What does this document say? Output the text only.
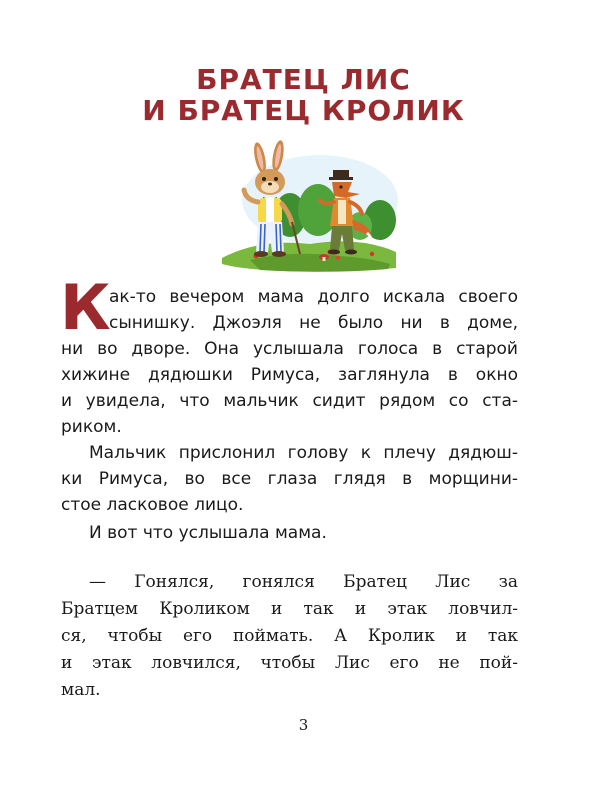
БРАТЕЦ ЛИС
И БРАТЕЦ КРОЛИК
К
ак-то вечером мама долго искала своего
сынишку. Джоэля не было ни в доме,
ни во дворе. Она услышала голоса в старой
хижине дядюшки Римуса, заглянула в окно
и увидела, что мальчик сидит рядом со ста-
риком.
Мальчик прислонил голову к плечу дядюш-
ки Римуса, во все глаза глядя в морщини-
стое ласковое лицо.
И вот что услышала мама.
— Гонялся, гонялся Братец Лис за
Братцем Кроликом и так и этак ловчил-
ся, чтобы его поймать. А Кролик и так
и этак ловчился, чтобы Лис его не пой-
мал.
3
